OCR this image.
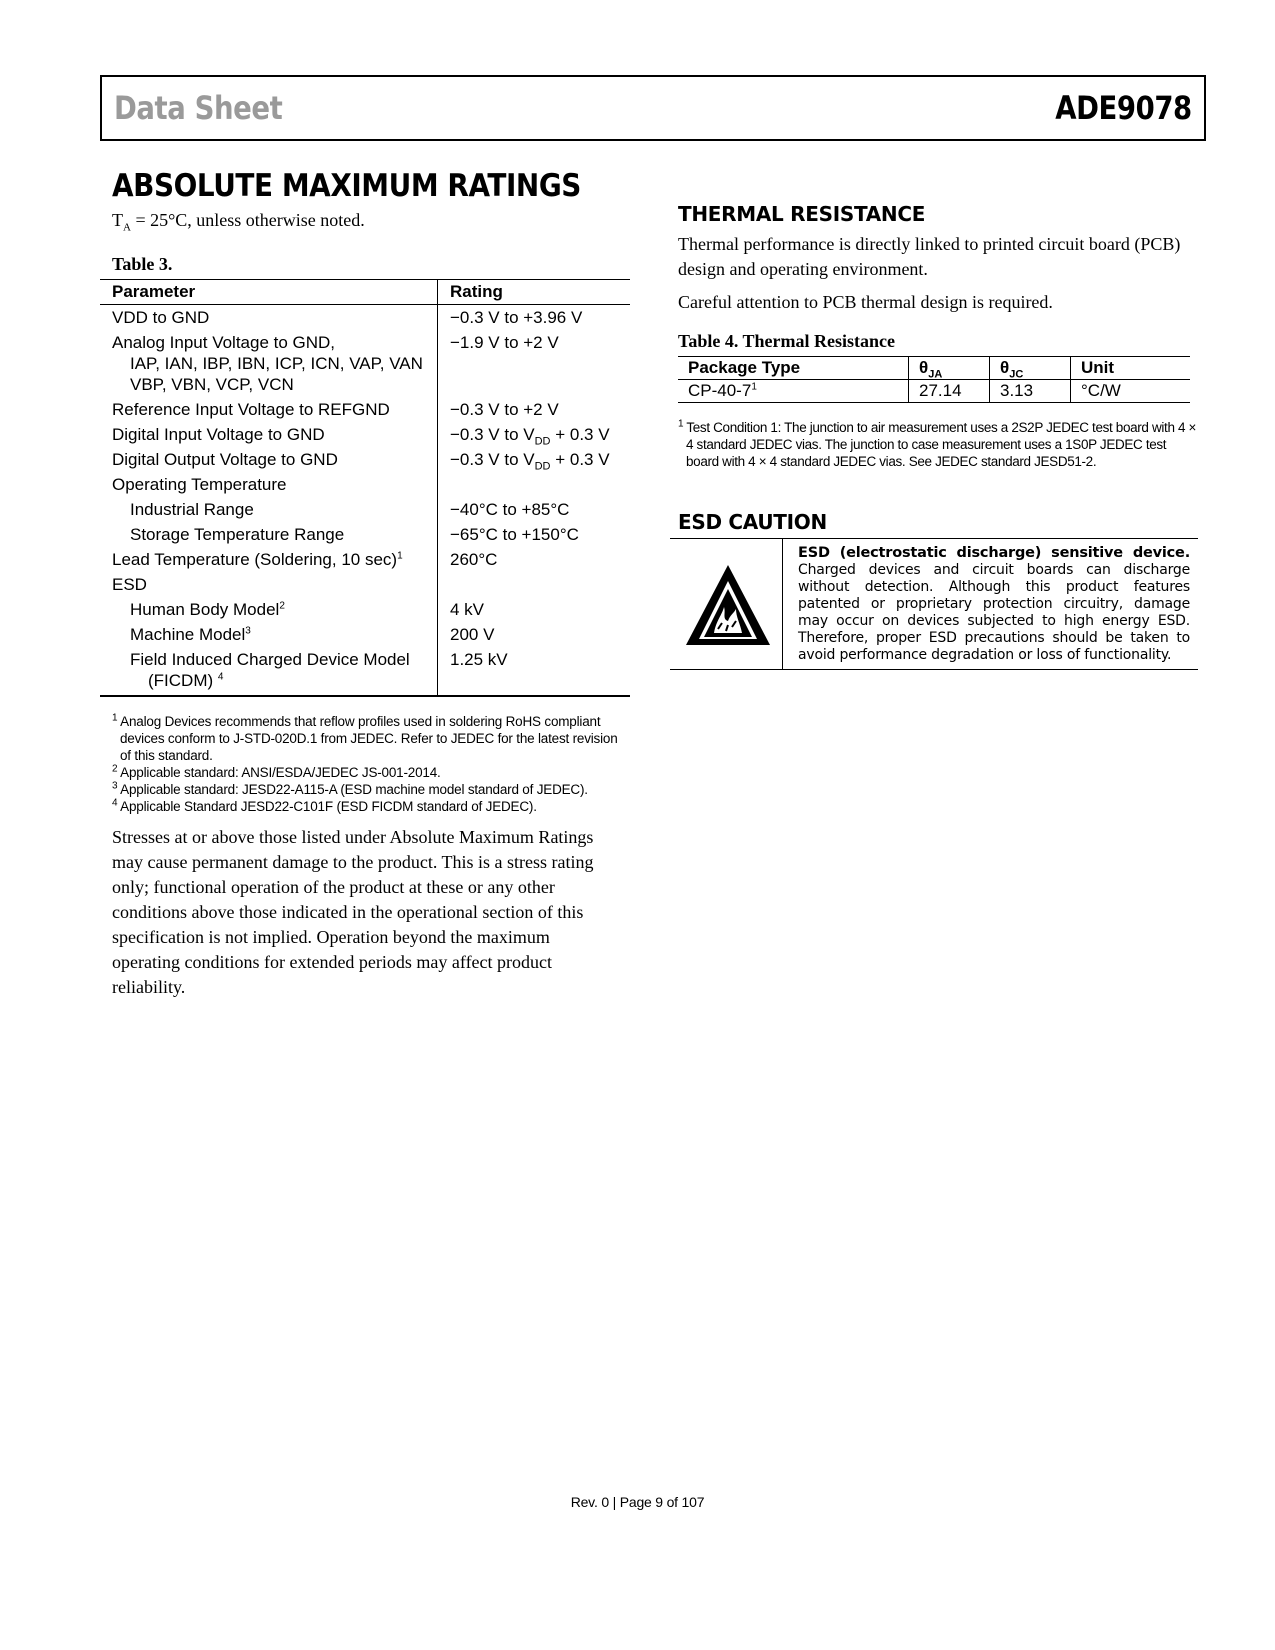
Data Sheet	ADE9078
ABSOLUTE MAXIMUM RATINGS
$T_A = 25^\circ C$, unless otherwise noted.
Table 3.
Parameter	Rating
VDD to GND	−0.3 V to +3.96 V
Analog Input Voltage to GND,
IAP, IAN, IBP, IBN, ICP, ICN, VAP, VAN
VBP, VBN, VCP, VCN	−1.9 V to +2 V
Reference Input Voltage to REFGND	−0.3 V to +2 V
Digital Input Voltage to GND	−0.3 V to $V_{DD} + 0.3$ V
Digital Output Voltage to GND	−0.3 V to $V_{DD} + 0.3$ V
Operating Temperature	

Industrial Range	−40°C to +85°C

Storage Temperature Range	−65°C to +150°C
Lead Temperature (Soldering, 10 sec)$^1$	260°C
ESD	

Human Body Model$^2$	4 kV

Machine Model$^3$	200 V

Field Induced Charged Device Model
(FICDM) $^4$	1.25 kV
$^1$ Analog Devices recommends that reflow profiles used in soldering RoHS compliant devices conform to J-STD-020D.1 from JEDEC. Refer to JEDEC for the latest revision of this standard.
$^2$ Applicable standard: ANSI/ESDA/JEDEC JS-001-2014.
$^3$ Applicable standard: JESD22-A115-A (ESD machine model standard of JEDEC).
$^4$ Applicable Standard JESD22-C101F (ESD FICDM standard of JEDEC).
Stresses at or above those listed under Absolute Maximum Ratings may cause permanent damage to the product. This is a stress rating only; functional operation of the product at these or any other conditions above those indicated in the operational section of this specification is not implied. Operation beyond the maximum operating conditions for extended periods may affect product reliability.
THERMAL RESISTANCE
Thermal performance is directly linked to printed circuit board (PCB) design and operating environment.
Careful attention to PCB thermal design is required.
Table 4. Thermal Resistance
Package Type	$\theta_{JA}$	$\theta_{JC}$	Unit
$CP-40-7^1$	27.14	3.13	°C/W
$^1$ Test Condition 1: The junction to air measurement uses a 2S2P JEDEC test board with 4 × 4 standard JEDEC vias. The junction to case measurement uses a 1S0P JEDEC test board with 4 × 4 standard JEDEC vias. See JEDEC standard JESD51-2.
ESD CAUTION
ESD (electrostatic discharge) sensitive device. Charged devices and circuit boards can discharge without detection. Although this product features patented or proprietary protection circuitry, damage may occur on devices subjected to high energy ESD. Therefore, proper ESD precautions should be taken to avoid performance degradation or loss of functionality.
Rev. 0 | Page 9 of 107
